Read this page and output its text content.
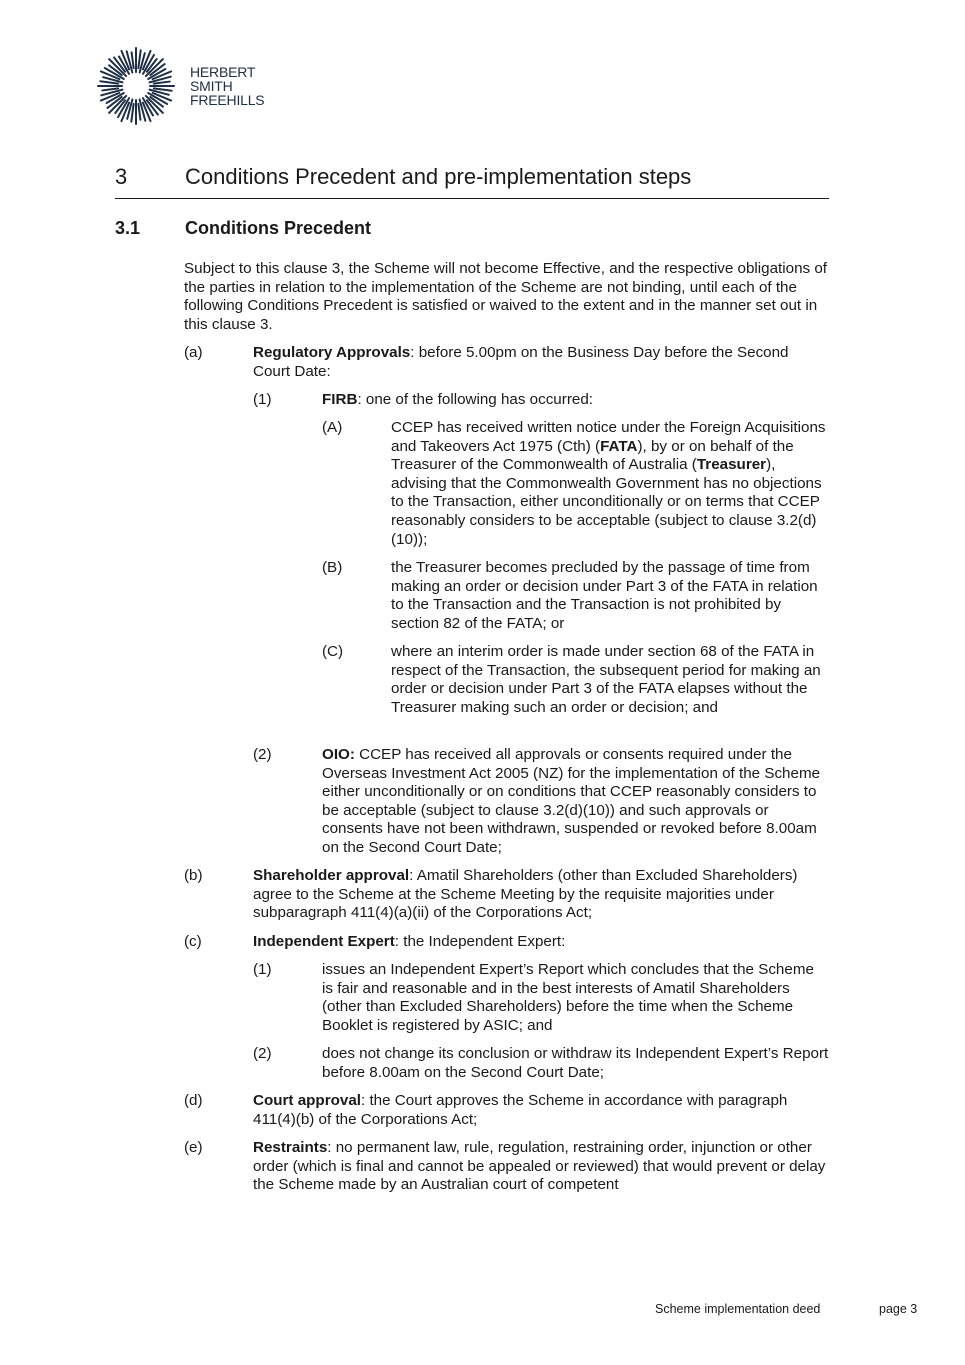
HERBERT
SMITH
FREEHILLS
3	Conditions Precedent and pre-implementation steps
3.1 Conditions Precedent
Subject to this clause 3, the Scheme will not become Effective, and the respective obligations of the parties in relation to the implementation of the Scheme are not binding, until each of the following Conditions Precedent is satisfied or waived to the extent and in the manner set out in this clause 3.
(a)	Regulatory Approvals: before 5.00pm on the Business Day before the Second Court Date:
(1)	FIRB: one of the following has occurred:
(A)	CCEP has received written notice under the Foreign Acquisitions and Takeovers Act 1975 (Cth) (FATA), by or on behalf of the Treasurer of the Commonwealth of Australia (Treasurer), advising that the Commonwealth Government has no objections to the Transaction, either unconditionally or on terms that CCEP reasonably considers to be acceptable (subject to clause 3.2(d)(10));
(B)	the Treasurer becomes precluded by the passage of time from making an order or decision under Part 3 of the FATA in relation to the Transaction and the Transaction is not prohibited by section 82 of the FATA; or
(C)	where an interim order is made under section 68 of the FATA in respect of the Transaction, the subsequent period for making an order or decision under Part 3 of the FATA elapses without the Treasurer making such an order or decision; and
(2)	OIO: CCEP has received all approvals or consents required under the Overseas Investment Act 2005 (NZ) for the implementation of the Scheme either unconditionally or on conditions that CCEP reasonably considers to be acceptable (subject to clause 3.2(d)(10)) and such approvals or consents have not been withdrawn, suspended or revoked before 8.00am on the Second Court Date;
(b)	Shareholder approval: Amatil Shareholders (other than Excluded Shareholders) agree to the Scheme at the Scheme Meeting by the requisite majorities under subparagraph 411(4)(a)(ii) of the Corporations Act;
(c)	Independent Expert: the Independent Expert:
(1)	issues an Independent Expert’s Report which concludes that the Scheme is fair and reasonable and in the best interests of Amatil Shareholders (other than Excluded Shareholders) before the time when the Scheme Booklet is registered by ASIC; and
(2)	does not change its conclusion or withdraw its Independent Expert’s Report before 8.00am on the Second Court Date;
(d)	Court approval: the Court approves the Scheme in accordance with paragraph 411(4)(b) of the Corporations Act;
(e)	Restraints: no permanent law, rule, regulation, restraining order, injunction or other order (which is final and cannot be appealed or reviewed) that would prevent or delay the Scheme made by an Australian court of competent
Scheme implementation deed	page 3
